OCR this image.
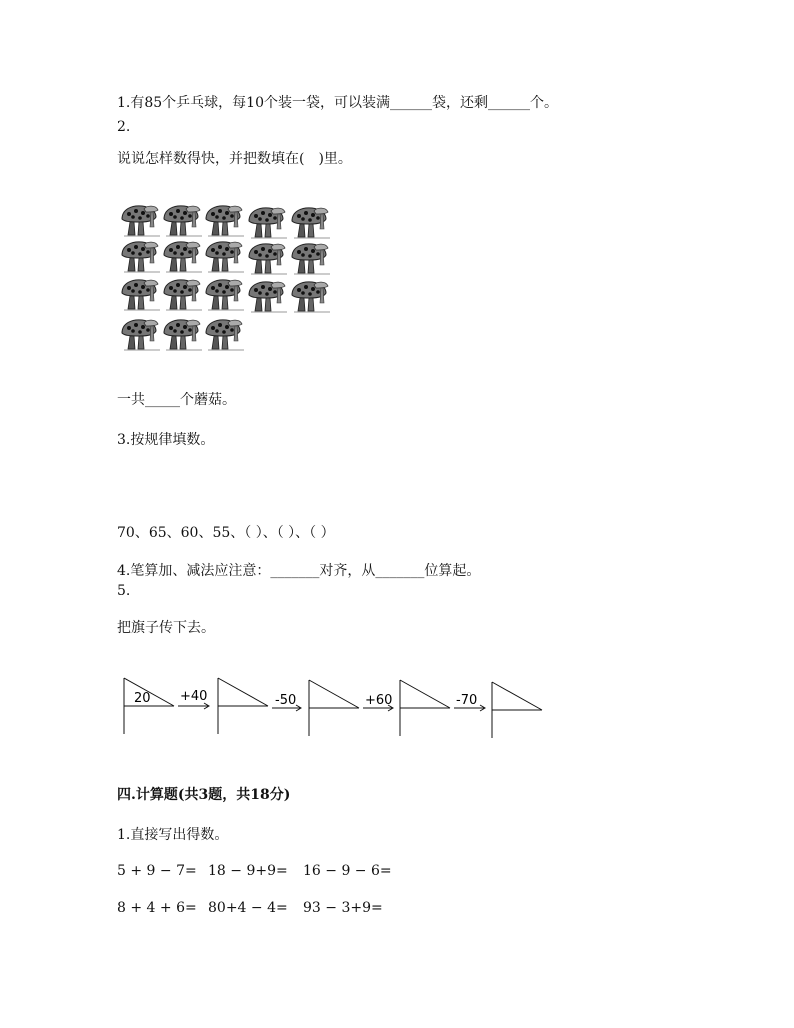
1.有85个乒乓球，每10个装一袋，可以装满______袋，还剩______个。
2.
说说怎样数得快，并把数填在(　)里。
一共_____个蘑菇。
3.按规律填数。
70、65、60、55、（ ）、（ ）、（ ）
4.笔算加、减法应注意：_______对齐，从_______位算起。
5.
把旗子传下去。
20 +40	-50	+60	-70
四.计算题(共3题，共18分)
1.直接写出得数。
5 + 9 − 7= 18 − 9+9= 16 − 9 − 6=
8 + 4 + 6= 80+4 − 4= 93 − 3+9=
